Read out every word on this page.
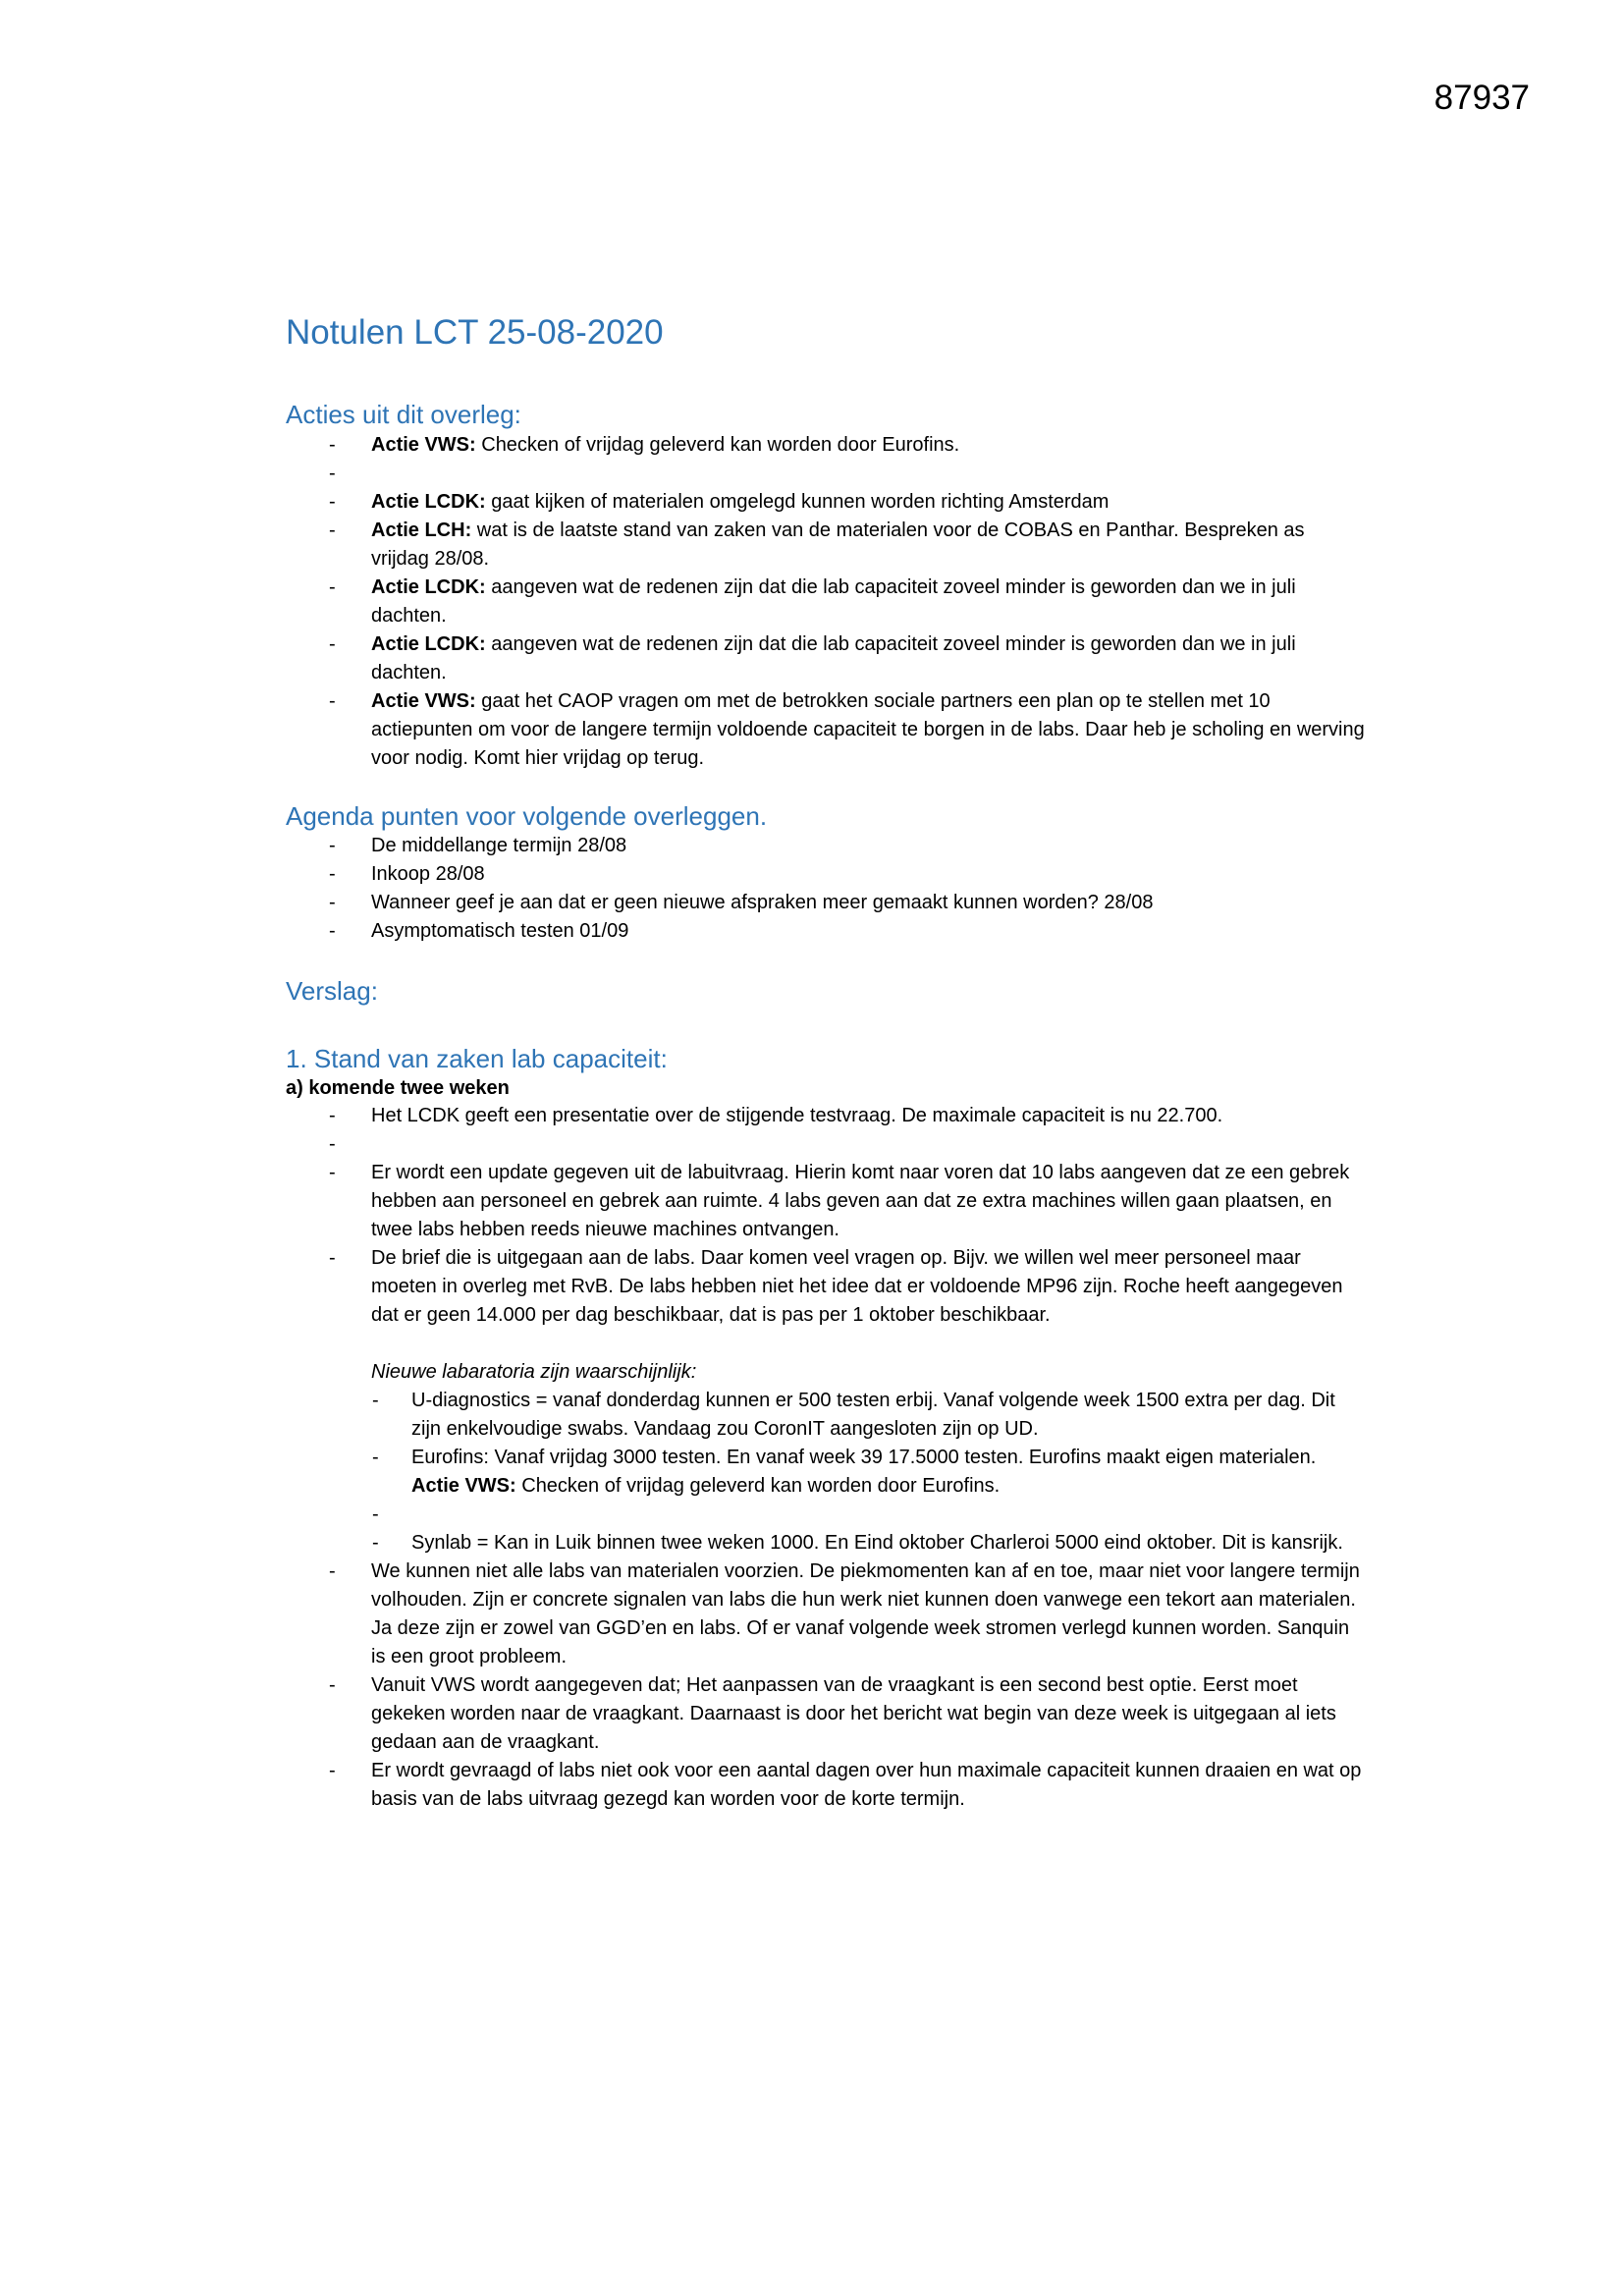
87937
Notulen LCT 25-08-2020
Acties uit dit overleg:
- Actie VWS: Checken of vrijdag geleverd kan worden door Eurofins.
-
- Actie LCDK: gaat kijken of materialen omgelegd kunnen worden richting Amsterdam
- Actie LCH: wat is de laatste stand van zaken van de materialen voor de COBAS en Panthar. Bespreken as vrijdag 28/08.
- Actie LCDK: aangeven wat de redenen zijn dat die lab capaciteit zoveel minder is geworden dan we in juli dachten.
- Actie LCDK: aangeven wat de redenen zijn dat die lab capaciteit zoveel minder is geworden dan we in juli dachten.
- Actie VWS: gaat het CAOP vragen om met de betrokken sociale partners een plan op te stellen met 10 actiepunten om voor de langere termijn voldoende capaciteit te borgen in de labs. Daar heb je scholing en werving voor nodig. Komt hier vrijdag op terug.
Agenda punten voor volgende overleggen.
- De middellange termijn 28/08
- Inkoop 28/08
- Wanneer geef je aan dat er geen nieuwe afspraken meer gemaakt kunnen worden? 28/08
- Asymptomatisch testen 01/09
Verslag:
1. Stand van zaken lab capaciteit:
a) komende twee weken
- Het LCDK geeft een presentatie over de stijgende testvraag. De maximale capaciteit is nu 22.700.
-
- Er wordt een update gegeven uit de labuitvraag. Hierin komt naar voren dat 10 labs aangeven dat ze een gebrek hebben aan personeel en gebrek aan ruimte. 4 labs geven aan dat ze extra machines willen gaan plaatsen, en twee labs hebben reeds nieuwe machines ontvangen.
- De brief die is uitgegaan aan de labs. Daar komen veel vragen op. Bijv. we willen wel meer personeel maar moeten in overleg met RvB. De labs hebben niet het idee dat er voldoende MP96 zijn. Roche heeft aangegeven dat er geen 14.000 per dag beschikbaar, dat is pas per 1 oktober beschikbaar.
Nieuwe labaratoria zijn waarschijnlijk:
- U-diagnostics = vanaf donderdag kunnen er 500 testen erbij. Vanaf volgende week 1500 extra per dag. Dit zijn enkelvoudige swabs. Vandaag zou CoronIT aangesloten zijn op UD.
- Eurofins: Vanaf vrijdag 3000 testen. En vanaf week 39 17.5000 testen. Eurofins maakt eigen materialen. Actie VWS: Checken of vrijdag geleverd kan worden door Eurofins.
-
- Synlab = Kan in Luik binnen twee weken 1000. En Eind oktober Charleroi 5000 eind oktober. Dit is kansrijk.
- We kunnen niet alle labs van materialen voorzien. De piekmomenten kan af en toe, maar niet voor langere termijn volhouden. Zijn er concrete signalen van labs die hun werk niet kunnen doen vanwege een tekort aan materialen. Ja deze zijn er zowel van GGD’en en labs. Of er vanaf volgende week stromen verlegd kunnen worden. Sanquin is een groot probleem.
- Vanuit VWS wordt aangegeven dat; Het aanpassen van de vraagkant is een second best optie. Eerst moet gekeken worden naar de vraagkant. Daarnaast is door het bericht wat begin van deze week is uitgegaan al iets gedaan aan de vraagkant.
- Er wordt gevraagd of labs niet ook voor een aantal dagen over hun maximale capaciteit kunnen draaien en wat op basis van de labs uitvraag gezegd kan worden voor de korte termijn.
